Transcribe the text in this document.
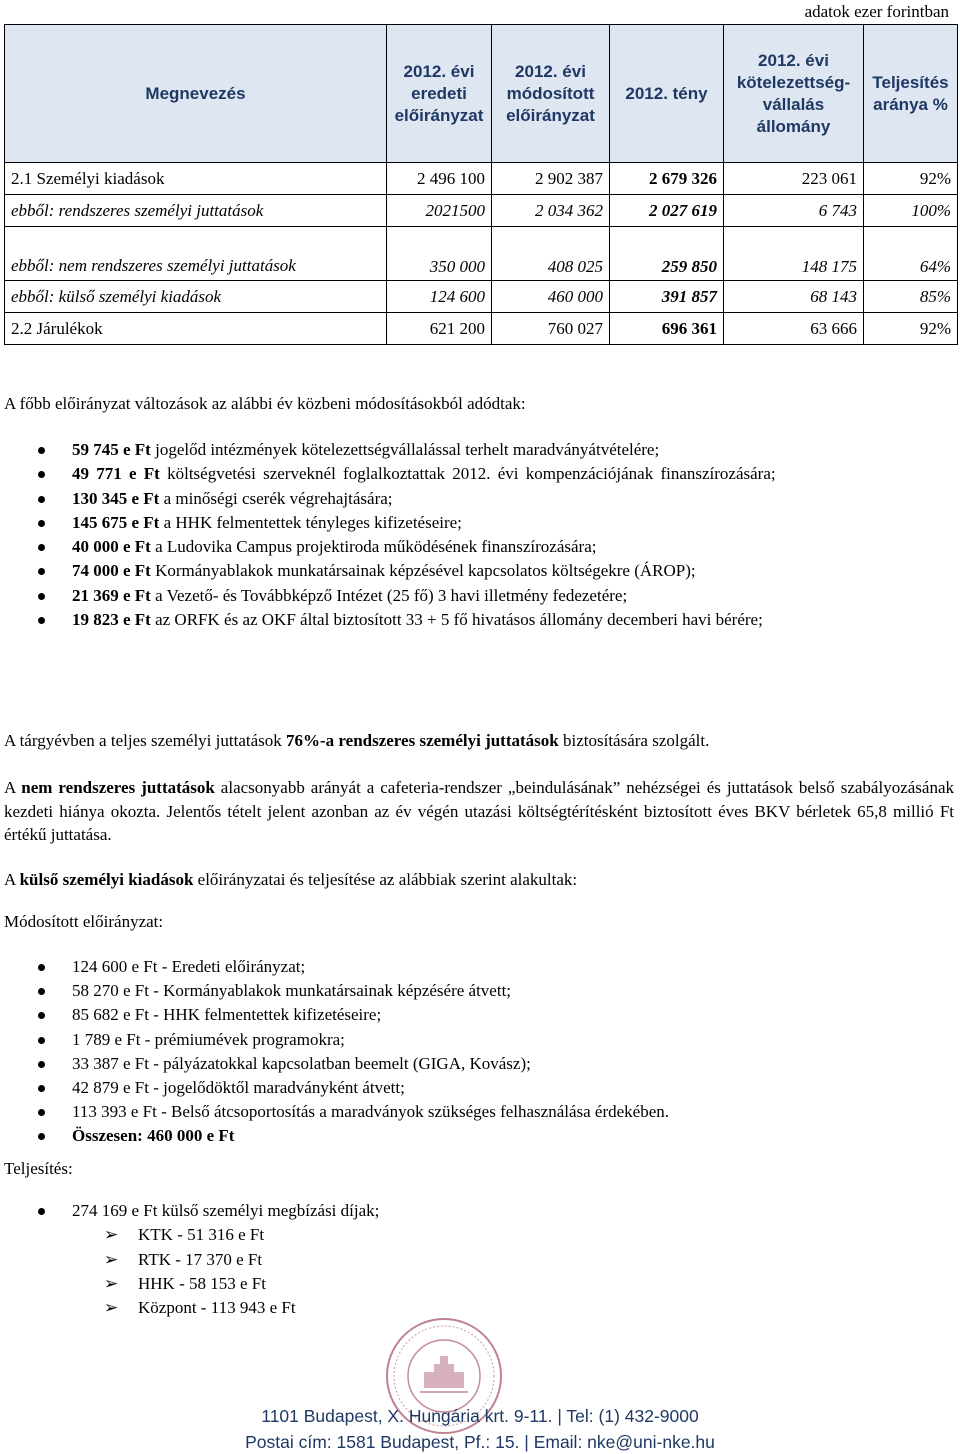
adatok ezer forintban
Megnevezés	2012. évi eredeti előirányzat	2012. évi módosított előirányzat	2012. tény	2012. évi kötelezettség-vállalás állomány	Teljesítés aránya %
2.1 Személyi kiadások	2 496 100	2 902 387	2 679 326	223 061	92%
ebből: rendszeres személyi juttatások	2021500	2 034 362	2 027 619	6 743	100%
ebből: nem rendszeres személyi juttatások	350 000	408 025	259 850	148 175	64%
ebből: külső személyi kiadások	124 600	460 000	391 857	68 143	85%
2.2 Járulékok	621 200	760 027	696 361	63 666	92%
A főbb előirányzat változások az alábbi év közbeni módosításokból adódtak:
59 745 e Ft jogelőd intézmények kötelezettségvállalással terhelt maradványátvételére;
49 771 e Ft költségvetési szerveknél foglalkoztattak 2012. évi kompenzációjának finanszírozására;
130 345 e Ft a minőségi cserék végrehajtására;
145 675 e Ft a HHK felmentettek tényleges kifizetéseire;
40 000 e Ft a Ludovika Campus projektiroda működésének finanszírozására;
74 000 e Ft Kormányablakok munkatársainak képzésével kapcsolatos költségekre (ÁROP);
21 369 e Ft a Vezető- és Továbbképző Intézet (25 fő) 3 havi illetmény fedezetére;
19 823 e Ft az ORFK és az OKF által biztosított 33 + 5 fő hivatásos állomány decemberi havi bérére;
A tárgyévben a teljes személyi juttatások 76%-a rendszeres személyi juttatások biztosítására szolgált.
A nem rendszeres juttatások alacsonyabb arányát a cafeteria-rendszer „beindulásának” nehézségei és juttatások belső szabályozásának kezdeti hiánya okozta. Jelentős tételt jelent azonban az év végén utazási költségtérítésként biztosított éves BKV bérletek 65,8 millió Ft értékű juttatása.
A külső személyi kiadások előirányzatai és teljesítése az alábbiak szerint alakultak:
Módosított előirányzat:
124 600 e Ft - Eredeti előirányzat;
58 270 e Ft - Kormányablakok munkatársainak képzésére átvett;
85 682 e Ft - HHK felmentettek kifizetéseire;
1 789 e Ft - prémiumévek programokra;
33 387 e Ft - pályázatokkal kapcsolatban beemelt (GIGA, Kovász);
42 879 e Ft - jogelődöktől maradványként átvett;
113 393 e Ft - Belső átcsoportosítás a maradványok szükséges felhasználása érdekében.
Összesen: 460 000 e Ft
Teljesítés:
274 169 e Ft külső személyi megbízási díjak;
➢ KTK - 51 316 e Ft
➢ RTK - 17 370 e Ft
➢ HHK - 58 153 e Ft
➢ Központ - 113 943 e Ft
1101 Budapest, X. Hungária krt. 9-11. | Tel: (1) 432-9000
Postai cím: 1581 Budapest, Pf.: 15. | Email: nke@uni-nke.hu
